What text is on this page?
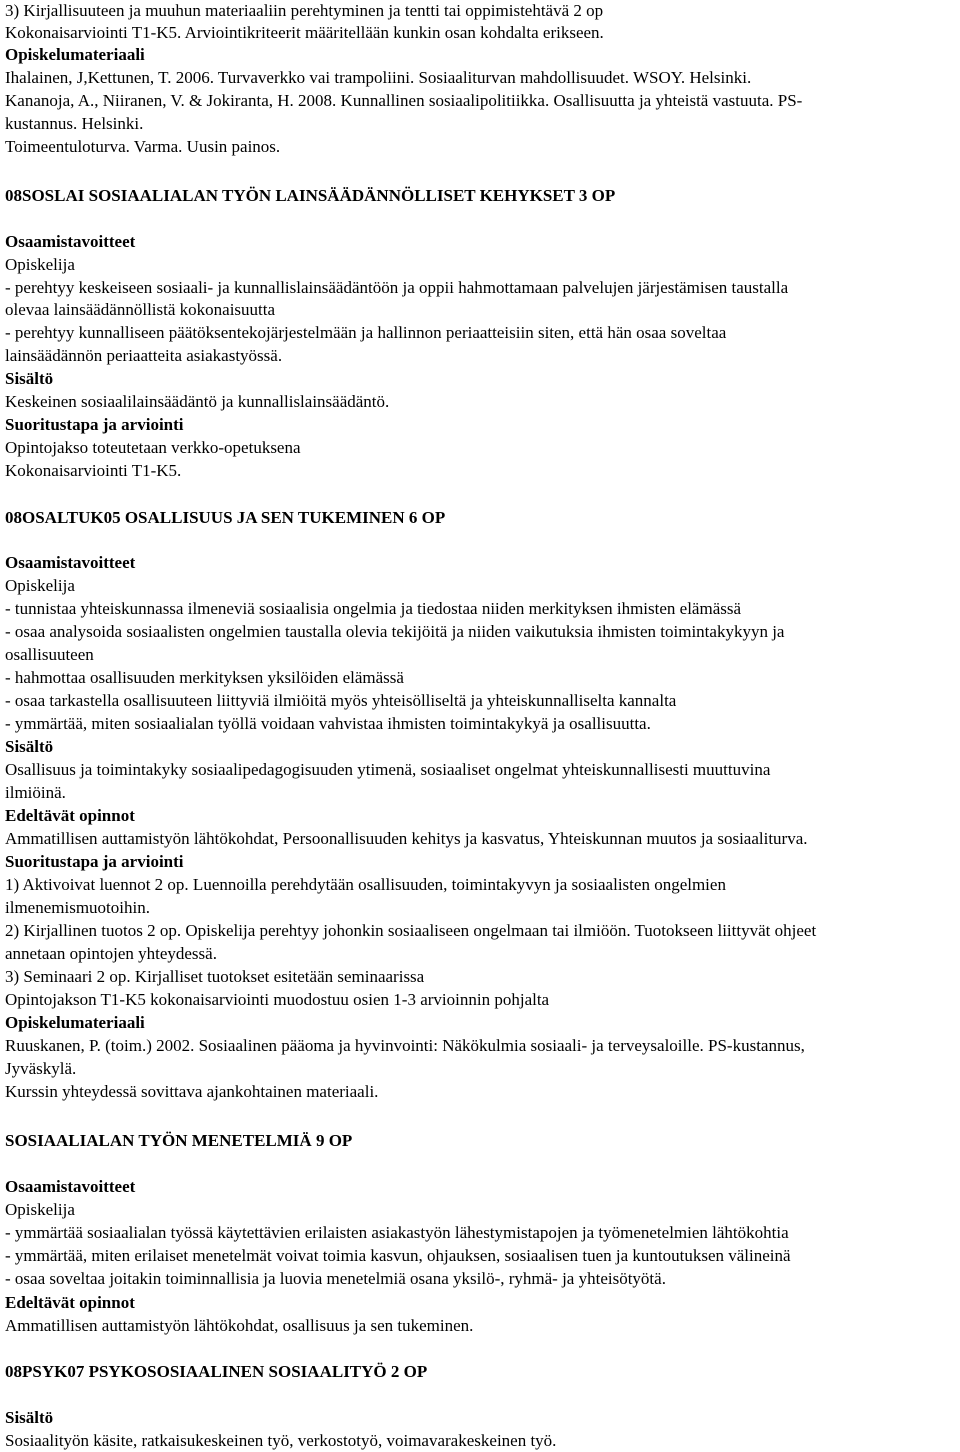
3) Kirjallisuuteen ja muuhun materiaaliin perehtyminen ja tentti tai oppimistehtävä 2 op
Kokonaisarviointi T1-K5. Arviointikriteerit määritellään kunkin osan kohdalta erikseen.
Opiskelumateriaali
Ihalainen, J,Kettunen, T. 2006. Turvaverkko vai trampoliini. Sosiaaliturvan mahdollisuudet. WSOY. Helsinki.
Kananoja, A., Niiranen, V. & Jokiranta, H. 2008. Kunnallinen sosiaalipolitiikka. Osallisuutta ja yhteistä vastuuta. PS-
kustannus. Helsinki.
Toimeentuloturva. Varma. Uusin painos.
08SOSLAI SOSIAALIALAN TYÖN LAINSÄÄDÄNNÖLLISET KEHYKSET 3 OP
Osaamistavoitteet
Opiskelija
- perehtyy keskeiseen sosiaali- ja kunnallislainsäädäntöön ja oppii hahmottamaan palvelujen järjestämisen taustalla
olevaa lainsäädännöllistä kokonaisuutta
- perehtyy kunnalliseen päätöksentekojärjestelmään ja hallinnon periaatteisiin siten, että hän osaa soveltaa
lainsäädännön periaatteita asiakastyössä.
Sisältö
Keskeinen sosiaalilainsäädäntö ja kunnallislainsäädäntö.
Suoritustapa ja arviointi
Opintojakso toteutetaan verkko-opetuksena
Kokonaisarviointi T1-K5.
08OSALTUK05 OSALLISUUS JA SEN TUKEMINEN 6 OP
Osaamistavoitteet
Opiskelija
- tunnistaa yhteiskunnassa ilmeneviä sosiaalisia ongelmia ja tiedostaa niiden merkityksen ihmisten elämässä
- osaa analysoida sosiaalisten ongelmien taustalla olevia tekijöitä ja niiden vaikutuksia ihmisten toimintakykyyn ja
osallisuuteen
- hahmottaa osallisuuden merkityksen yksilöiden elämässä
- osaa tarkastella osallisuuteen liittyviä ilmiöitä myös yhteisölliseltä ja yhteiskunnalliselta kannalta
- ymmärtää, miten sosiaalialan työllä voidaan vahvistaa ihmisten toimintakykyä ja osallisuutta.
Sisältö
Osallisuus ja toimintakyky sosiaalipedagogisuuden ytimenä, sosiaaliset ongelmat yhteiskunnallisesti muuttuvina
ilmiöinä.
Edeltävät opinnot
Ammatillisen auttamistyön lähtökohdat, Persoonallisuuden kehitys ja kasvatus, Yhteiskunnan muutos ja sosiaaliturva.
Suoritustapa ja arviointi
1) Aktivoivat luennot 2 op. Luennoilla perehdytään osallisuuden, toimintakyvyn ja sosiaalisten ongelmien
ilmenemismuotoihin.
2) Kirjallinen tuotos 2 op. Opiskelija perehtyy johonkin sosiaaliseen ongelmaan tai ilmiöön. Tuotokseen liittyvät ohjeet
annetaan opintojen yhteydessä.
3) Seminaari 2 op. Kirjalliset tuotokset esitetään seminaarissa
Opintojakson T1-K5 kokonaisarviointi muodostuu osien 1-3 arvioinnin pohjalta
Opiskelumateriaali
Ruuskanen, P. (toim.) 2002. Sosiaalinen pääoma ja hyvinvointi: Näkökulmia sosiaali- ja terveysaloille. PS-kustannus,
Jyväskylä.
Kurssin yhteydessä sovittava ajankohtainen materiaali.
SOSIAALIALAN TYÖN MENETELMIÄ 9 OP
Osaamistavoitteet
Opiskelija
- ymmärtää sosiaalialan työssä käytettävien erilaisten asiakastyön lähestymistapojen ja työmenetelmien lähtökohtia
- ymmärtää, miten erilaiset menetelmät voivat toimia kasvun, ohjauksen, sosiaalisen tuen ja kuntoutuksen välineinä
- osaa soveltaa joitakin toiminnallisia ja luovia menetelmiä osana yksilö-, ryhmä- ja yhteisötyötä.
Edeltävät opinnot
Ammatillisen auttamistyön lähtökohdat, osallisuus ja sen tukeminen.
08PSYK07 PSYKOSOSIAALINEN SOSIAALITYÖ 2 OP
Sisältö
Sosiaalityön käsite, ratkaisukeskeinen työ, verkostotyö, voimavarakeskeinen työ.
